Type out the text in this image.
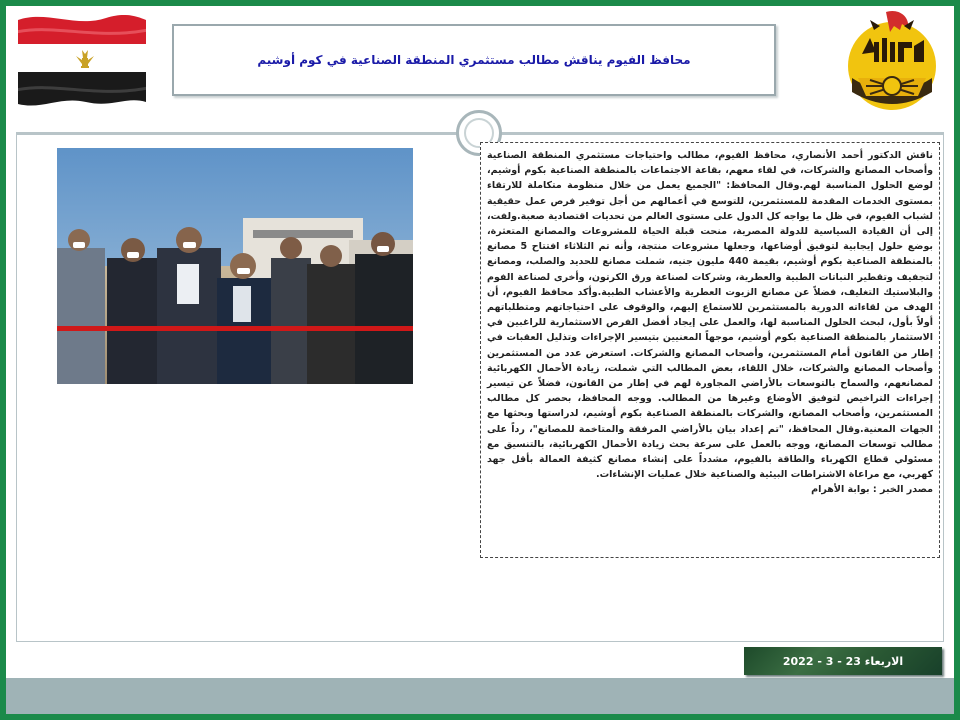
محافظ الفيوم يناقش مطالب مستثمري المنطقة الصناعية في كوم أوشيم

ناقش الدكتور أحمد الأنصاري، محافظ الفيوم، مطالب واحتياجات مستثمري المنطقة الصناعية وأصحاب المصانع والشركات، في لقاء معهم، بقاعة الاجتماعات بالمنطقة الصناعية بكوم أوشيم، لوضع الحلول المناسبة لهم.وقال المحافظ: "الجميع يعمل من خلال منظومة متكاملة للارتقاء بمستوى الخدمات المقدمة للمستثمرين، للتوسع في أعمالهم من أجل توفير فرص عمل حقيقية لشباب الفيوم، في ظل ما يواجه كل الدول على مستوى العالم من تحديات اقتصادية صعبة.ولفت، إلى أن القيادة السياسية للدولة المصرية، منحت قبلة الحياة للمشروعات والمصانع المتعثرة، بوضع حلول إيجابية لتوفيق أوضاعها، وجعلها مشروعات منتجة، وأنه تم الثلاثاء افتتاح 5 مصانع بالمنطقة الصناعية بكوم أوشيم، بقيمة 440 مليون جنيه، شملت مصانع للحديد والصلب، ومصانع لتجفيف وتقطير النباتات الطبية والعطرية، وشركات لصناعة ورق الكرتون، وأخرى لصناعة الفوم والبلاستيك التغليف، فضلاً عن مصانع الزيوت العطرية والأعشاب الطبية.وأكد محافظ الفيوم، أن الهدف من لقاءاته الدورية بالمستثمرين للاستماع إليهم، والوقوف على احتياجاتهم ومتطلباتهم أولاً بأول، لبحث الحلول المناسبة لها، والعمل على إيجاد أفضل الفرص الاستثمارية للراغبين في الاستثمار بالمنطقة الصناعية بكوم أوشيم، موجهاً المعنيين بتيسير الإجراءات وتذليل العقبات في إطار من القانون أمام المستثمرين، وأصحاب المصانع والشركات. استعرض عدد من المستثمرين وأصحاب المصانع والشركات، خلال اللقاء، بعض المطالب التي شملت، زيادة الأحمال الكهربائية لمصانعهم، والسماح بالتوسعات بالأراضي المجاورة لهم في إطار من القانون، فضلاً عن تيسير إجراءات التراخيص لتوفيق الأوضاع وغيرها من المطالب. ووجه المحافظ، بحصر كل مطالب المستثمرين، وأصحاب المصانع، والشركات بالمنطقة الصناعية بكوم أوشيم، لدراستها وبحثها مع الجهات المعنية.وقال المحافظ، "تم إعداد بيان بالأراضي المرفقة والمتاخمة للمصانع"، رداً على مطالب توسعات المصانع، ووجه بالعمل على سرعة بحث زيادة الأحمال الكهربائية، بالتنسيق مع مسئولي قطاع الكهرباء والطاقة بالفيوم، مشدداً على إنشاء مصانع كثيفة العمالة بأقل جهد كهربي، مع مراعاة الاشتراطات البيئية والصناعية خلال عمليات الإنشاءات.

مصدر الخبر : بوابة الأهرام

الاربعاء 23 - 3 - 2022
